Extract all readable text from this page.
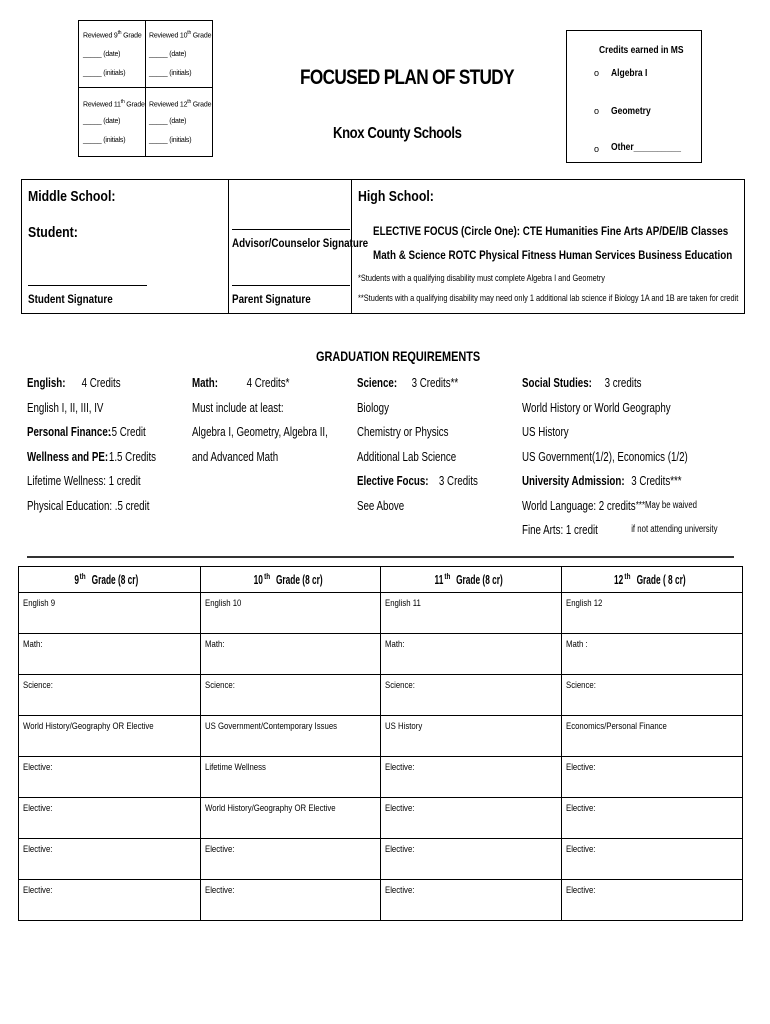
Reviewed 9th Grade
_____ (date)
_____ (initials)
Reviewed 10th Grade
_____ (date)
_____ (initials)
Reviewed 11th Grade
_____ (date)
_____ (initials)
Reviewed 12th Grade
_____ (date)
_____ (initials)
FOCUSED PLAN OF STUDY
Knox County Schools
Credits earned in MS
o Algebra I
o Geometry
o Other__________
Middle School:
Student:
Student Signature
Advisor/Counselor Signature
Parent Signature
High School:
ELECTIVE FOCUS (Circle One): CTE Humanities Fine Arts AP/DE/IB Classes
Math & Science ROTC Physical Fitness Human Services Business Education
*Students with a qualifying disability must complete Algebra I and Geometry
**Students with a qualifying disability may need only 1 additional lab science if Biology 1A and 1B are taken for credit
GRADUATION REQUIREMENTS
English: 4 Credits
English I, II, III, IV
Personal Finance:
.5 Credit
Wellness and PE: 1.5 Credits
Lifetime Wellness: 1 credit
Physical Education: .5 credit
Math: 4 Credits*
Must include at least:
Algebra I, Geometry, Algebra II,
and Advanced Math
Science: 3 Credits**
Biology
Chemistry or Physics
Additional Lab Science
Elective Focus: 3 Credits
See Above
Social Studies: 3 credits
World History or World Geography
US History
US Government(1/2), Economics (1/2)
University Admission: 3 Credits***
World Language: 2 credits ***May be waived
Fine Arts: 1 credit	if not attending university
9thGrade (8 cr)	10thGrade (8 cr)	11thGrade (8 cr)	12thGrade ( 8 cr)
English 9	English 10	English 11	English 12
Math:	Math:	Math:	Math :
Science:	Science:	Science:	Science:
World History/Geography OR Elective	US Government/Contemporary Issues	US History	Economics/Personal Finance
Elective:	Lifetime Wellness	Elective:	Elective:
Elective:	World History/Geography OR Elective	Elective:	Elective:
Elective:	Elective:	Elective:	Elective:
Elective:	Elective:	Elective:	Elective:
